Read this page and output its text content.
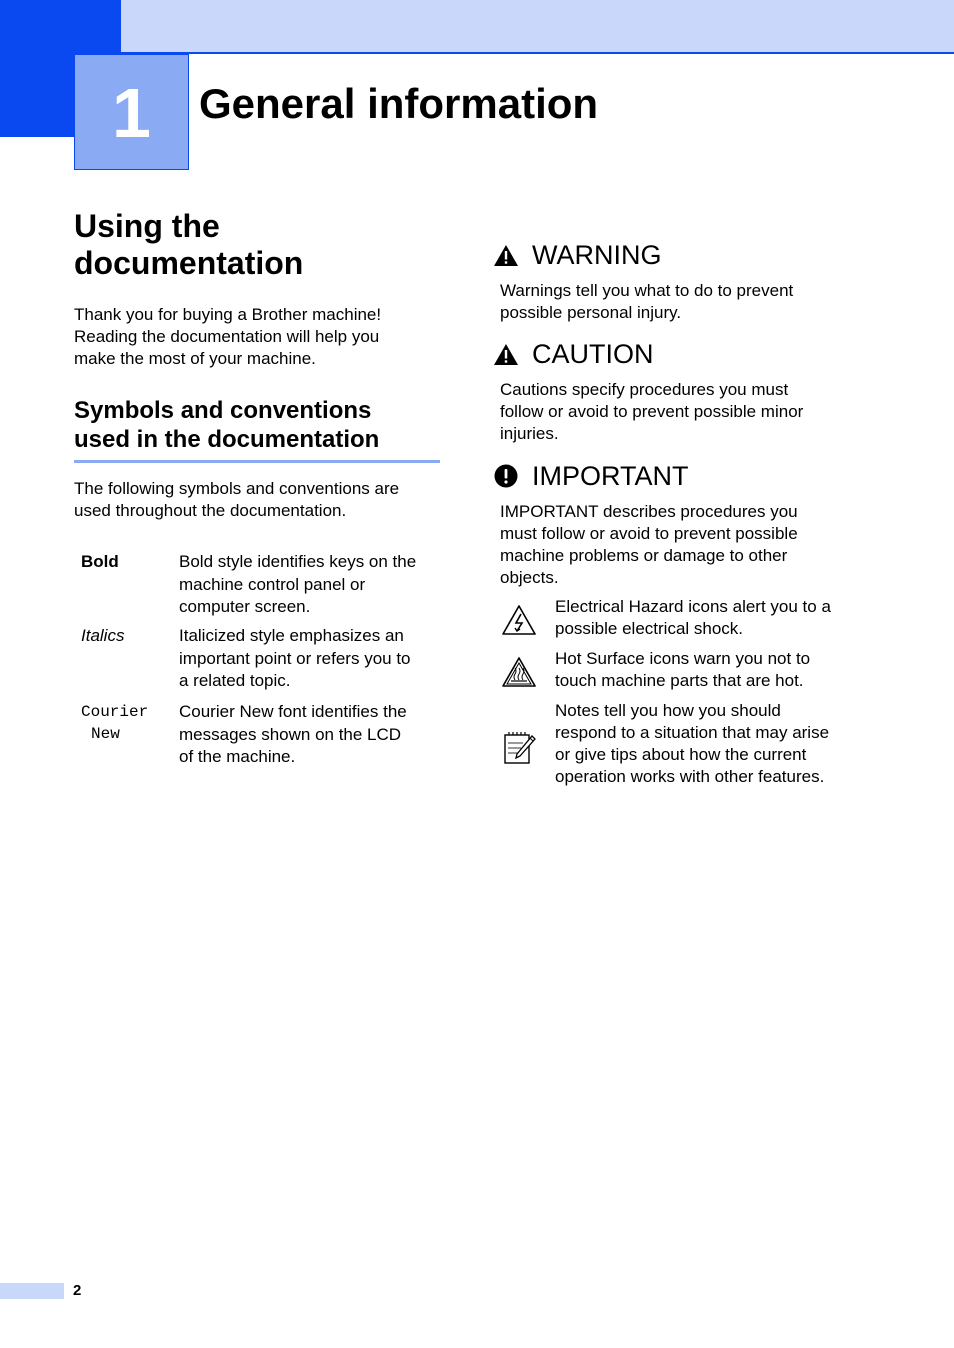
1 General information
Using the
documentation
Thank you for buying a Brother machine!
Reading the documentation will help you
make the most of your machine.
Symbols and conventions
used in the documentation
The following symbols and conventions are
used throughout the documentation.
Bold	Bold style identifies keys on the
machine control panel or
computer screen.
Italics	Italicized style emphasizes an
important point or refers you to
a related topic.
Courier
New
Courier New font identifies the
messages shown on the LCD
of the machine.
WARNING
Warnings tell you what to do to prevent
possible personal injury.
CAUTION
Cautions specify procedures you must
follow or avoid to prevent possible minor
injuries.
IMPORTANT
IMPORTANT describes procedures you
must follow or avoid to prevent possible
machine problems or damage to other
objects.
Electrical Hazard icons alert you to a
possible electrical shock.
Hot Surface icons warn you not to
touch machine parts that are hot.
Notes tell you how you should
respond to a situation that may arise
or give tips about how the current
operation works with other features.
2
